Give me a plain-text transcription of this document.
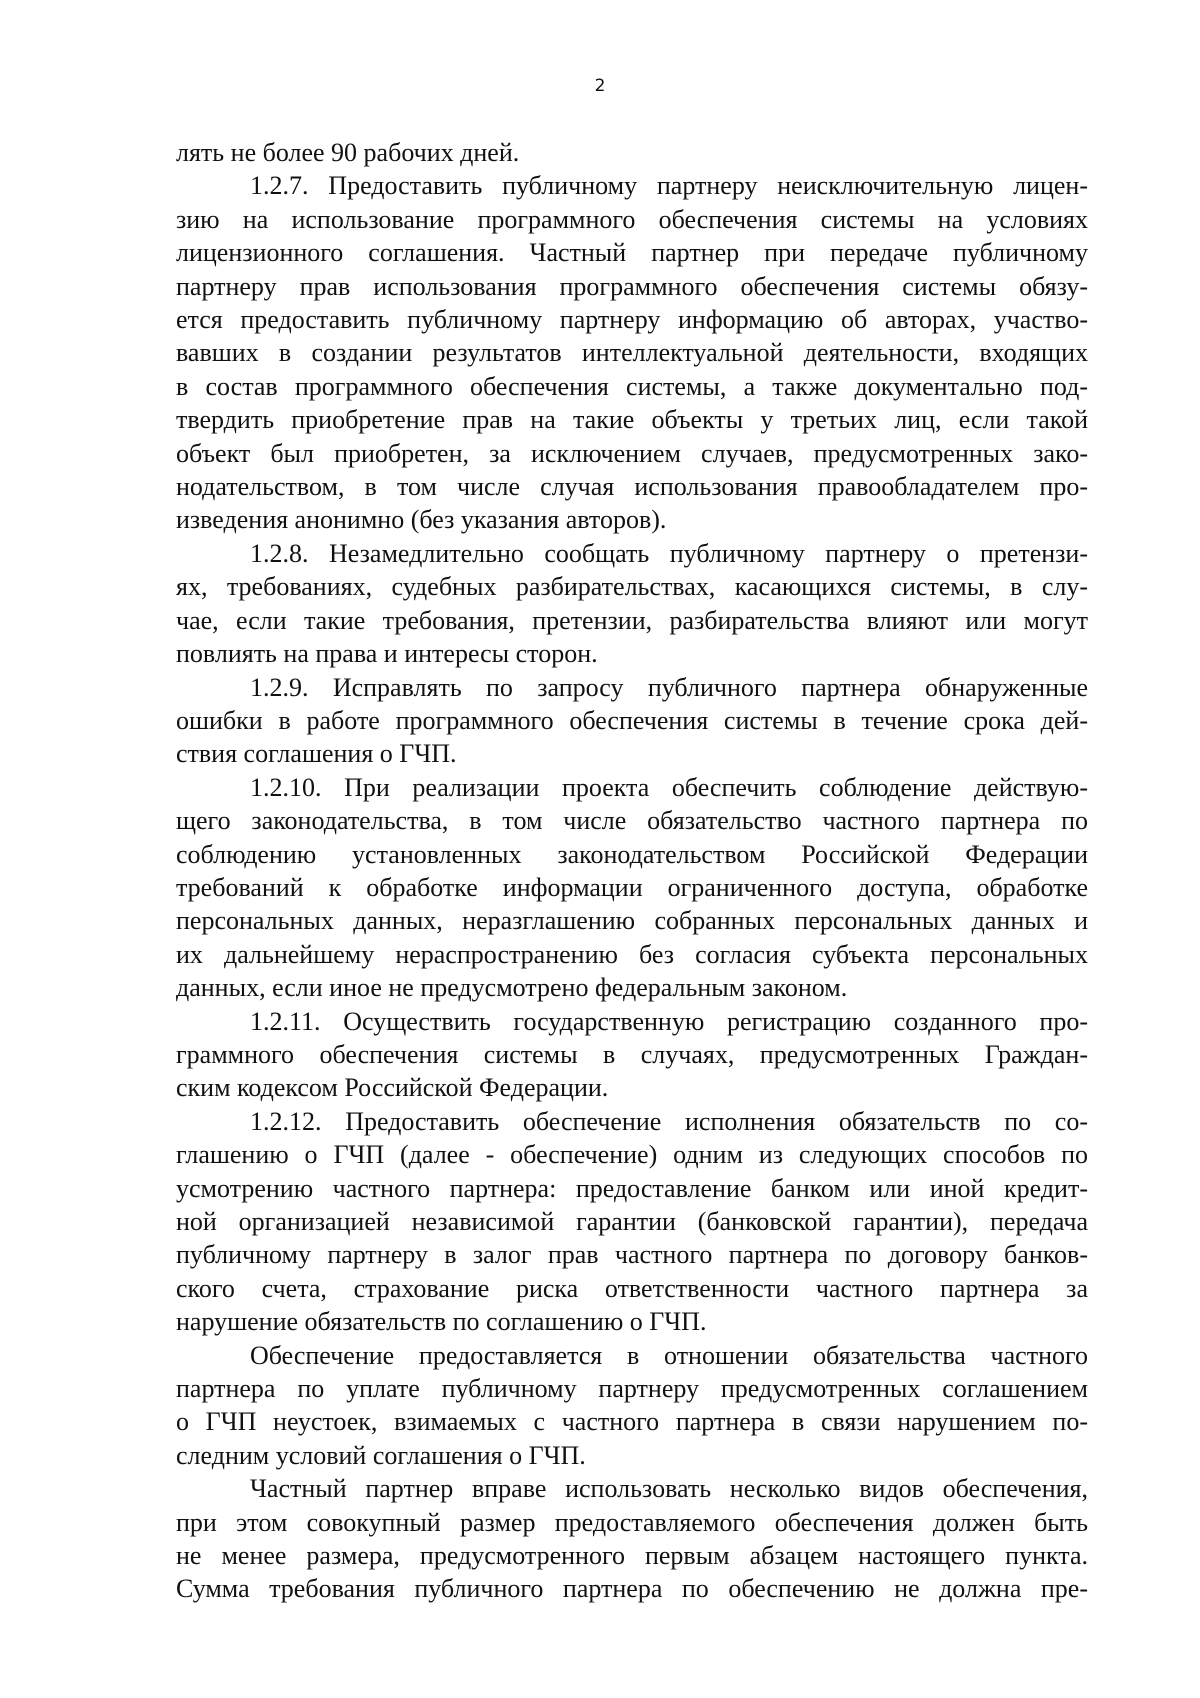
2
лять не более 90 рабочих дней.
1.2.7. Предоставить публичному партнеру неисключительную лицен-
зию на использование программного обеспечения системы на условиях
лицензионного соглашения. Частный партнер при передаче публичному
партнеру прав использования программного обеспечения системы обязу-
ется предоставить публичному партнеру информацию об авторах, участво-
вавших в создании результатов интеллектуальной деятельности, входящих
в состав программного обеспечения системы, а также документально под-
твердить приобретение прав на такие объекты у третьих лиц, если такой
объект был приобретен, за исключением случаев, предусмотренных зако-
нодательством, в том числе случая использования правообладателем про-
изведения анонимно (без указания авторов).
1.2.8. Незамедлительно сообщать публичному партнеру о претензи-
ях, требованиях, судебных разбирательствах, касающихся системы, в слу-
чае, если такие требования, претензии, разбирательства влияют или могут
повлиять на права и интересы сторон.
1.2.9. Исправлять по запросу публичного партнера обнаруженные
ошибки в работе программного обеспечения системы в течение срока дей-
ствия соглашения о ГЧП.
1.2.10. При реализации проекта обеспечить соблюдение действую-
щего законодательства, в том числе обязательство частного партнера по
соблюдению установленных законодательством Российской Федерации
требований к обработке информации ограниченного доступа, обработке
персональных данных, неразглашению собранных персональных данных и
их дальнейшему нераспространению без согласия субъекта персональных
данных, если иное не предусмотрено федеральным законом.
1.2.11. Осуществить государственную регистрацию созданного про-
граммного обеспечения системы в случаях, предусмотренных Граждан-
ским кодексом Российской Федерации.
1.2.12. Предоставить обеспечение исполнения обязательств по со-
глашению о ГЧП (далее - обеспечение) одним из следующих способов по
усмотрению частного партнера: предоставление банком или иной кредит-
ной организацией независимой гарантии (банковской гарантии), передача
публичному партнеру в залог прав частного партнера по договору банков-
ского счета, страхование риска ответственности частного партнера за
нарушение обязательств по соглашению о ГЧП.
Обеспечение предоставляется в отношении обязательства частного
партнера по уплате публичному партнеру предусмотренных соглашением
о ГЧП неустоек, взимаемых с частного партнера в связи нарушением по-
следним условий соглашения о ГЧП.
Частный партнер вправе использовать несколько видов обеспечения,
при этом совокупный размер предоставляемого обеспечения должен быть
не менее размера, предусмотренного первым абзацем настоящего пункта.
Сумма требования публичного партнера по обеспечению не должна пре-
